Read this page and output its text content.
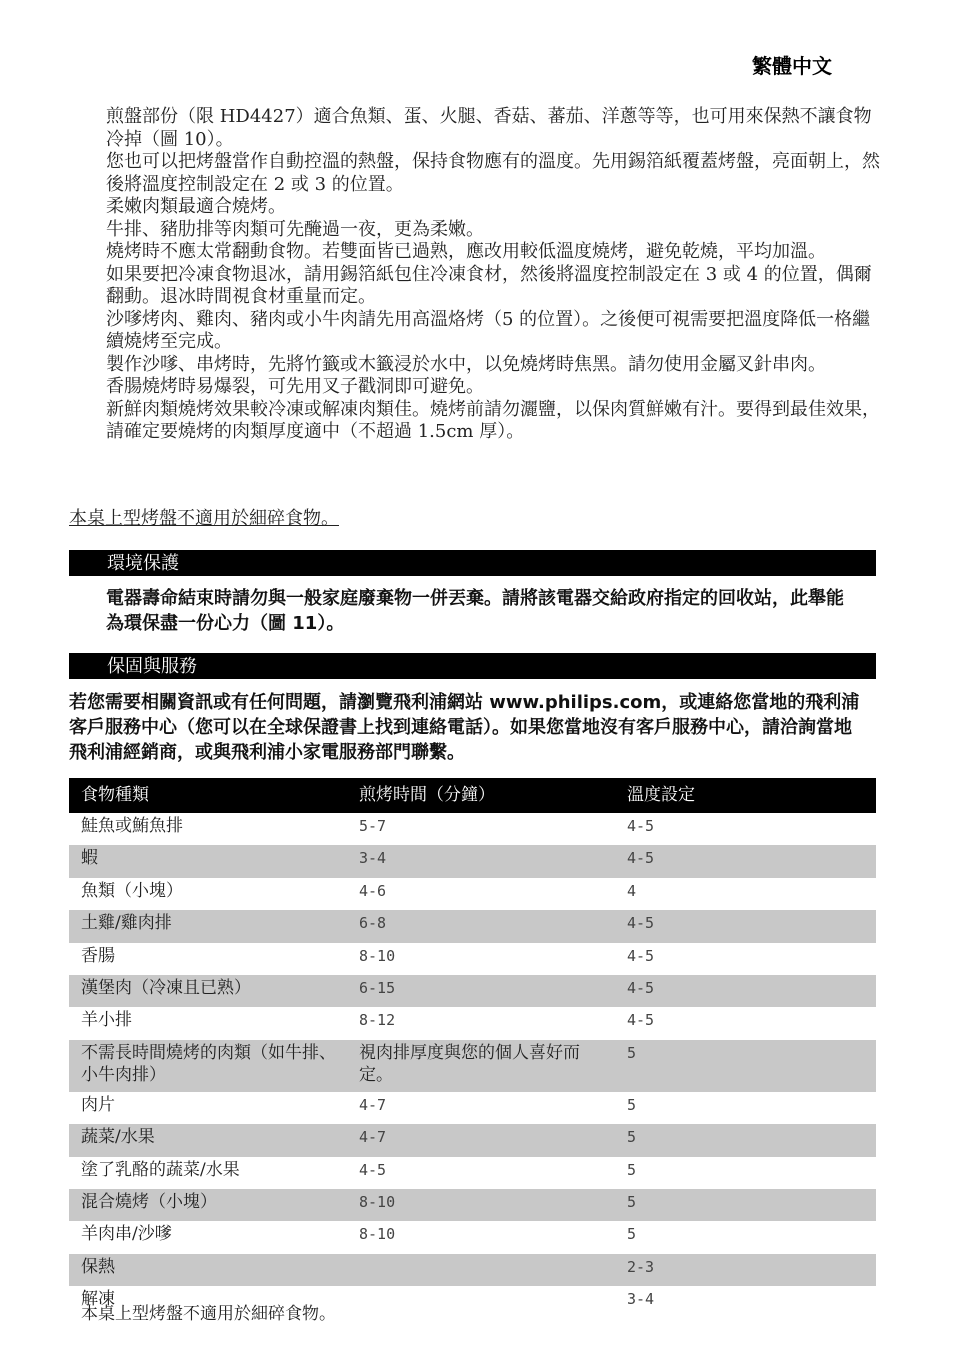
繁體中文

煎盤部份（限 HD4427）適合魚類、蛋、火腿、香菇、蕃茄、洋蔥等等，也可用來保熱不讓食物冷掉（圖 10）。

您也可以把烤盤當作自動控溫的熱盤，保持食物應有的溫度。先用錫箔紙覆蓋烤盤，亮面朝上，然後將溫度控制設定在 2 或 3 的位置。

柔嫩肉類最適合燒烤。

牛排、豬肋排等肉類可先醃過一夜，更為柔嫩。

燒烤時不應太常翻動食物。若雙面皆已過熟，應改用較低溫度燒烤，避免乾燒，平均加溫。

如果要把冷凍食物退冰，請用錫箔紙包住冷凍食材，然後將溫度控制設定在 3 或 4 的位置，偶爾翻動。退冰時間視食材重量而定。

沙嗲烤肉、雞肉、豬肉或小牛肉請先用高溫烙烤（5 的位置）。之後便可視需要把溫度降低一格繼續燒烤至完成。

製作沙嗲、串烤時，先將竹籤或木籤浸於水中，以免燒烤時焦黑。請勿使用金屬叉針串肉。

香腸燒烤時易爆裂，可先用叉子戳洞即可避免。

新鮮肉類燒烤效果較冷凍或解凍肉類佳。燒烤前請勿灑鹽，以保肉質鮮嫩有汁。要得到最佳效果，請確定要燒烤的肉類厚度適中（不超過 1.5cm 厚）。

本桌上型烤盤不適用於細碎食物。
環境保護
電器壽命結束時請勿與一般家庭廢棄物一併丟棄。請將該電器交給政府指定的回收站，此舉能為環保盡一份心力（圖 11）。
保固與服務
若您需要相關資訊或有任何問題，請瀏覽飛利浦網站 www.philips.com，或連絡您當地的飛利浦客戶服務中心（您可以在全球保證書上找到連絡電話）。如果您當地沒有客戶服務中心，請洽詢當地飛利浦經銷商，或與飛利浦小家電服務部門聯繫。
食物種類	煎烤時間（分鐘）	溫度設定
鮭魚或鮪魚排	5-7	4-5
蝦	3-4	4-5
魚類（小塊）	4-6	4
土雞/雞肉排	6-8	4-5
香腸	8-10	4-5
漢堡肉（冷凍且已熟）	6-15	4-5
羊小排	8-12	4-5
不需長時間燒烤的肉類（如牛排、小牛肉排）	視肉排厚度與您的個人喜好而定。	5
肉片	4-7	5
蔬菜/水果	4-7	5
塗了乳酪的蔬菜/水果	4-5	5
混合燒烤（小塊）	8-10	5
羊肉串/沙嗲	8-10	5
保熱		2-3
解凍		3-4
本桌上型烤盤不適用於細碎食物。
